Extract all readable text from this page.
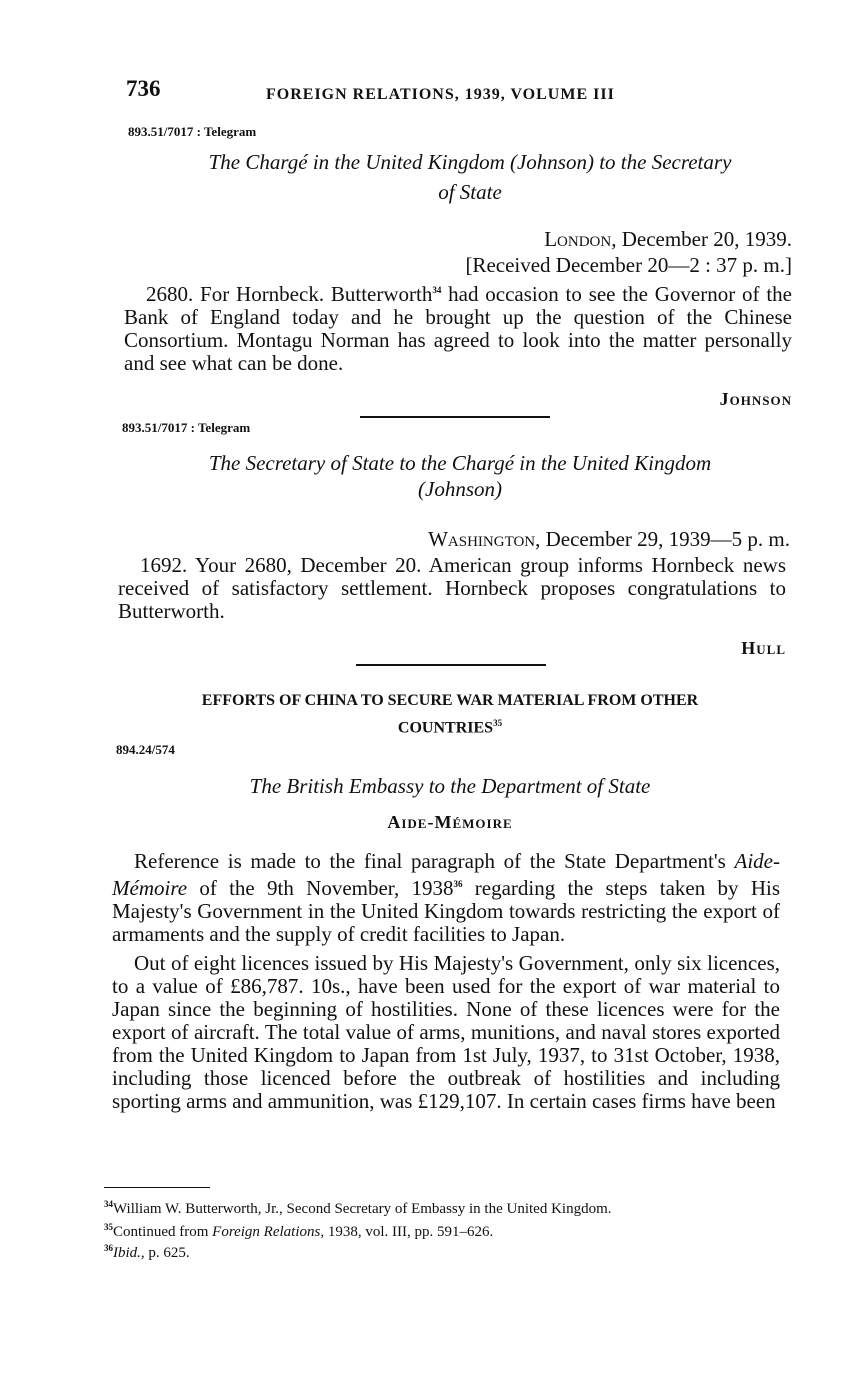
736	FOREIGN RELATIONS, 1939, VOLUME III
893.51/7017 : Telegram
The Chargé in the United Kingdom (Johnson) to the Secretary
of State
London, December 20, 1939.
[Received December 20—2 : 37 p. m.]

2680. For Hornbeck. Butterworth$^{34}$ had occasion to see the Governor of the Bank of England today and he brought up the question of the Chinese Consortium. Montagu Norman has agreed to look into the matter personally and see what can be done.

Johnson
893.51/7017 : Telegram
The Secretary of State to the Chargé in the United Kingdom
(Johnson)
Washington, December 29, 1939—5 p. m.

1692. Your 2680, December 20. American group informs Hornbeck news received of satisfactory settlement. Hornbeck proposes congratulations to Butterworth.

Hull
EFFORTS OF CHINA TO SECURE WAR MATERIAL FROM OTHER
COUNTRIES$^{35}$
894.24/574
The British Embassy to the Department of State
Aide-Mémoire

Reference is made to the final paragraph of the State Department's Aide-Mémoire of the 9th November, 1938$^{36}$ regarding the steps taken by His Majesty's Government in the United Kingdom towards restricting the export of armaments and the supply of credit facilities to Japan.

Out of eight licences issued by His Majesty's Government, only six licences, to a value of £86,787. 10s., have been used for the export of war material to Japan since the beginning of hostilities. None of these licences were for the export of aircraft. The total value of arms, munitions, and naval stores exported from the United Kingdom to Japan from 1st July, 1937, to 31st October, 1938, including those licenced before the outbreak of hostilities and including sporting arms and ammunition, was £129,107. In certain cases firms have been

$^{34}$William W. Butterworth, Jr., Second Secretary of Embassy in the United Kingdom.

$^{35}$Continued from Foreign Relations, 1938, vol. III, pp. 591–626.

$^{36}$Ibid., p. 625.
